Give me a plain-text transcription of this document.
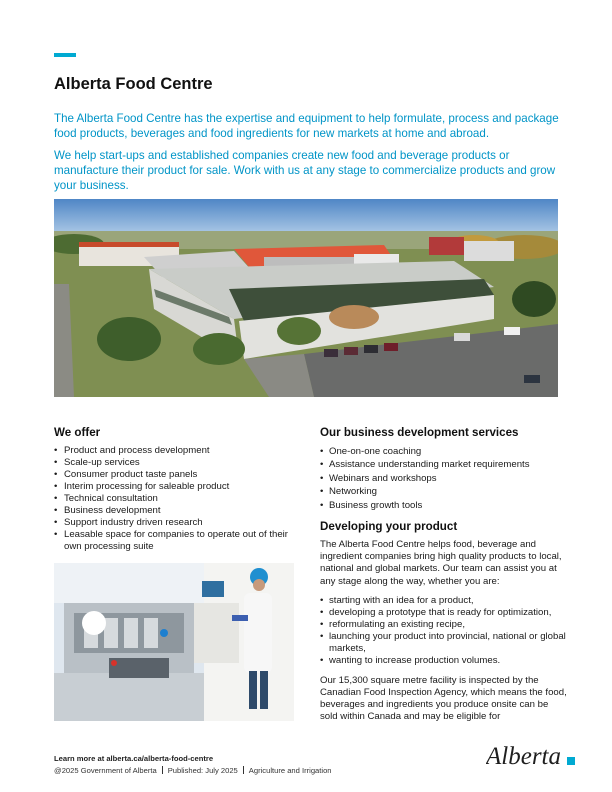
Alberta Food Centre

The Alberta Food Centre has the expertise and equipment to help formulate, process and package food products, beverages and food ingredients for new markets at home and abroad.

We help start-ups and established companies create new food and beverage products or manufacture their product for sale. Work with us at any stage to commercialize products and grow your business.

We offer
• Product and process development
• Scale-up services
• Consumer product taste panels
• Interim processing for saleable product
• Technical consultation
• Business development
• Support industry driven research
• Leasable space for companies to operate out of their own processing suite
Our business development services
• One-on-one coaching
• Assistance understanding market requirements
• Webinars and workshops
• Networking
• Business growth tools
Developing your product

The Alberta Food Centre helps food, beverage and ingredient companies bring high quality products to local, national and global markets. Our team can assist you at any stage along the way, whether you are:

• starting with an idea for a product,
• developing a prototype that is ready for optimization,
• reformulating an existing recipe,
• launching your product into provincial, national or global markets,
• wanting to increase production volumes.

Our 15,300 square metre facility is inspected by the Canadian Food Inspection Agency, which means the food, beverages and ingredients you produce onsite can be sold within Canada and may be eligible for

Learn more at alberta.ca/alberta-food-centre

@2025 Government of Alberta Published: July 2025 Agriculture and Irrigation

Alberta
